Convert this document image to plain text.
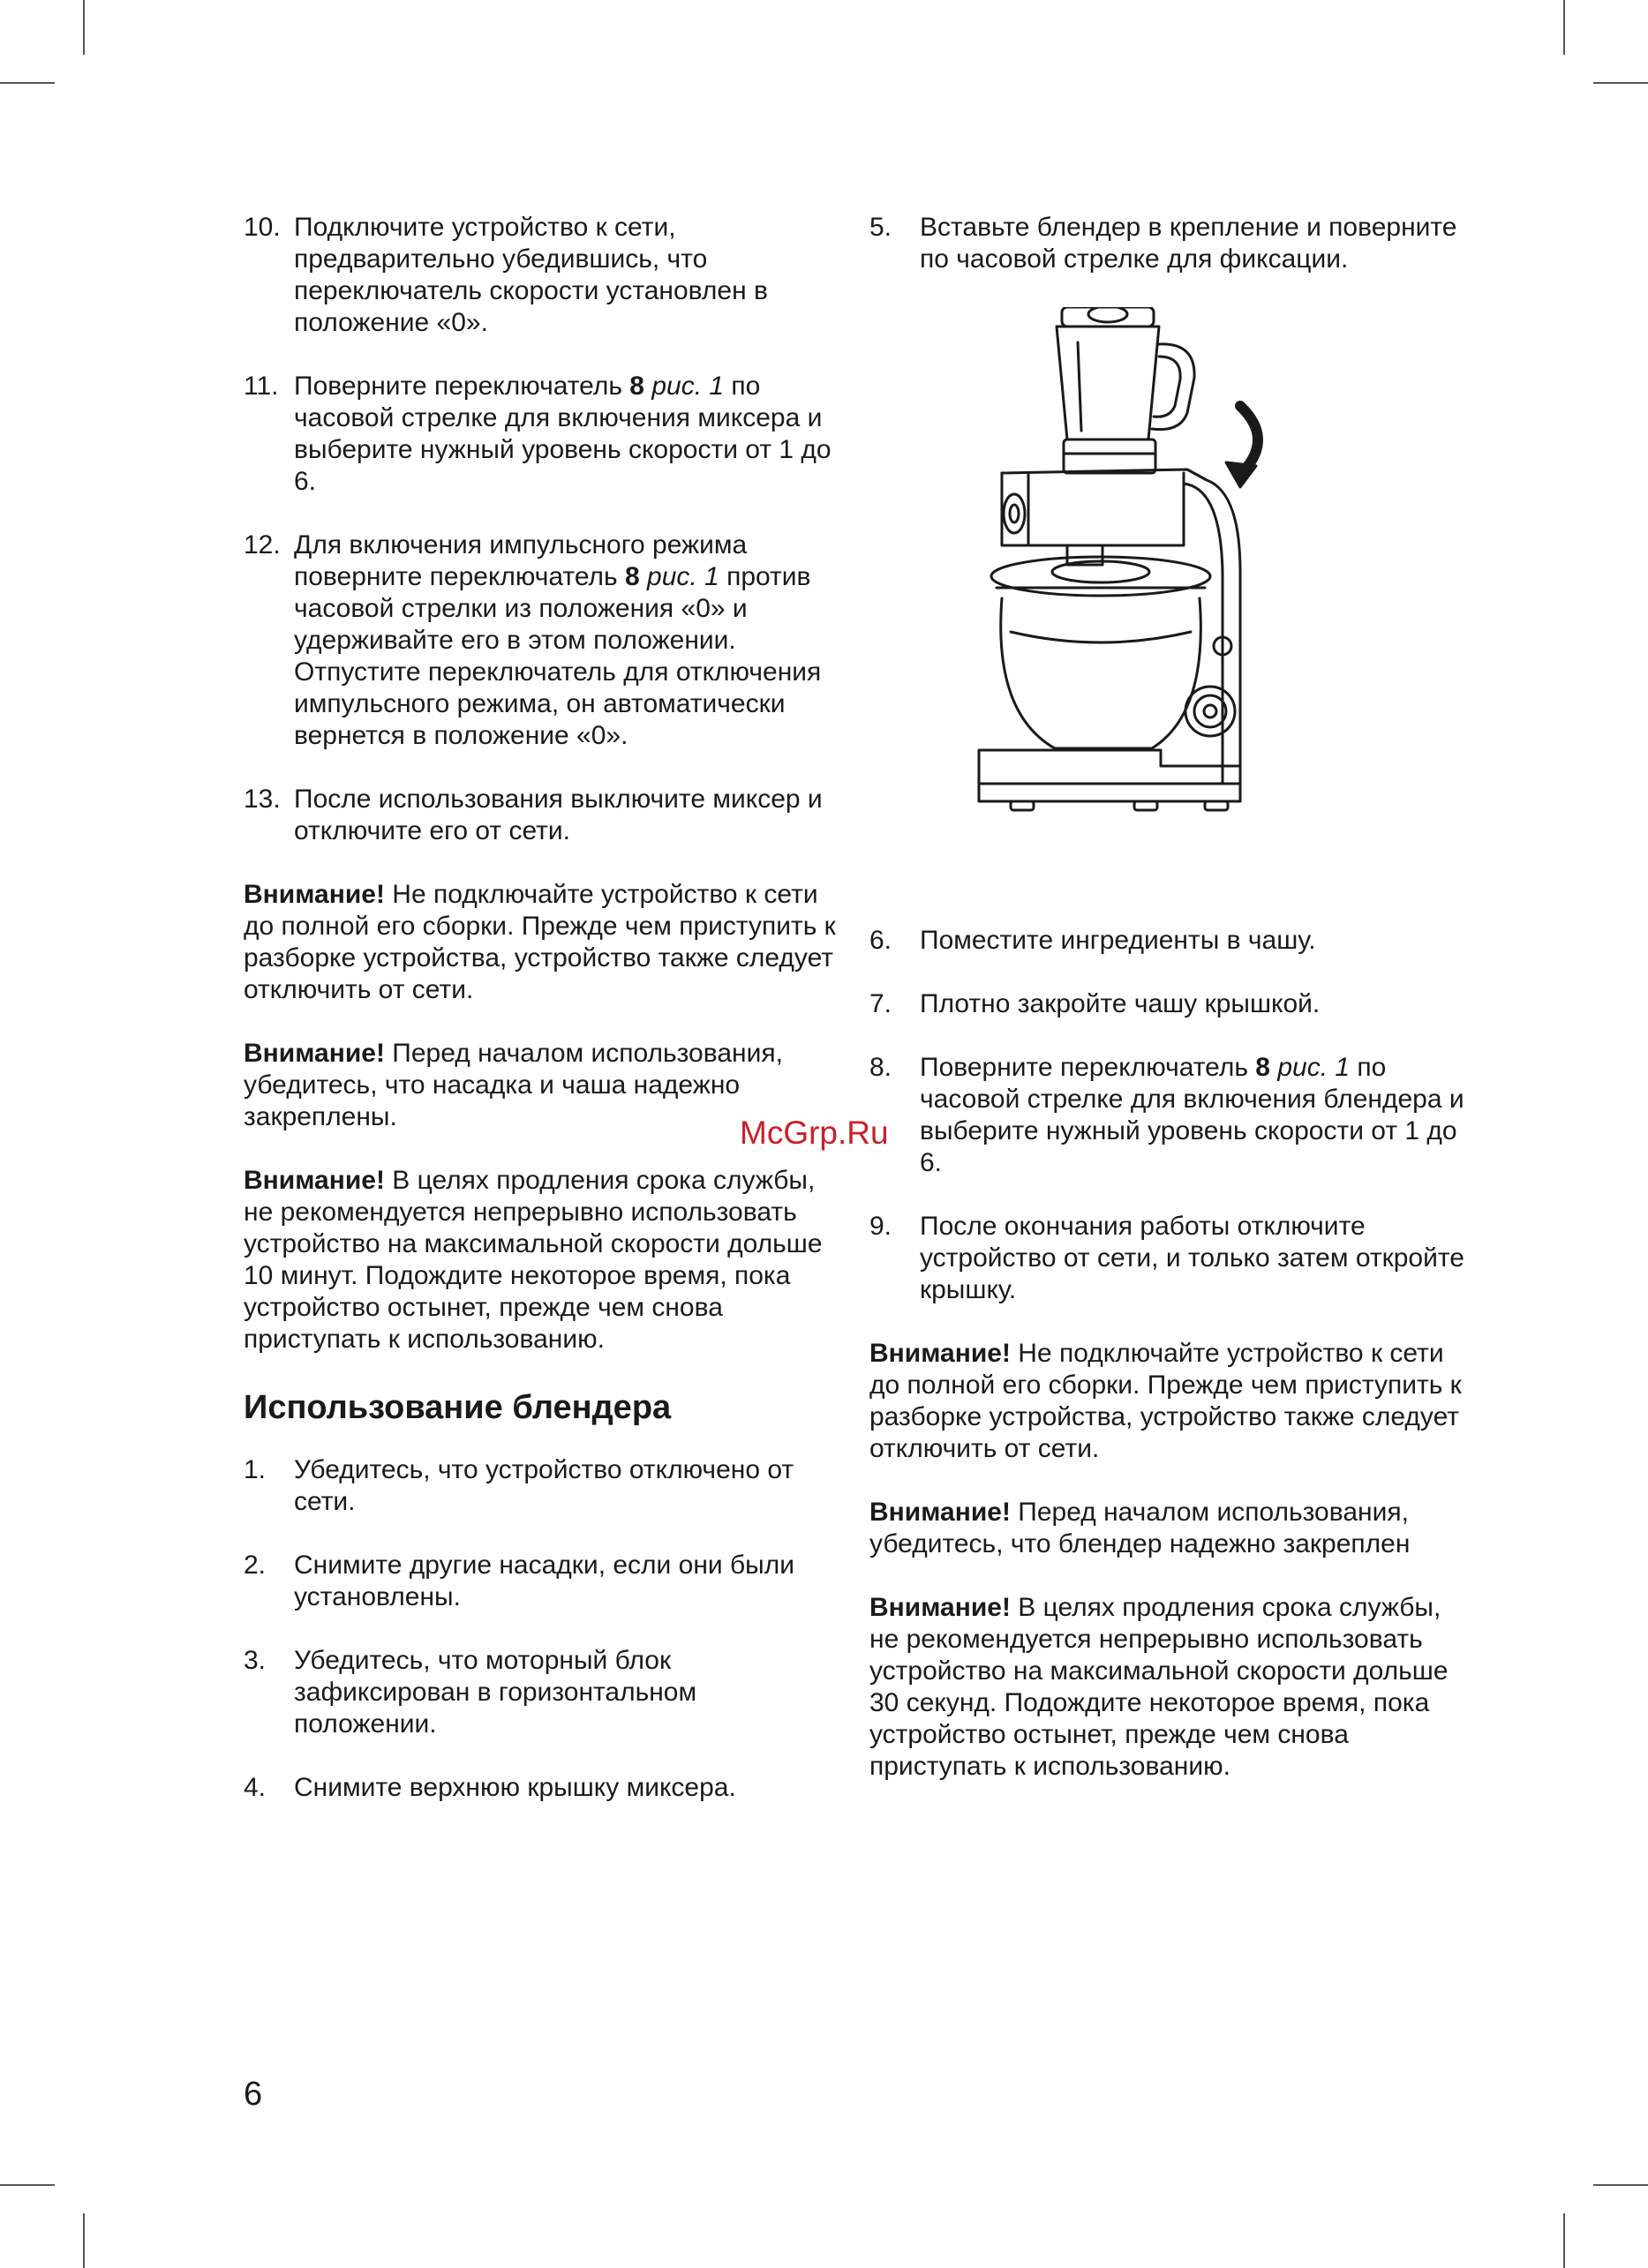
10. Подключите устройство к сети, предварительно убедившись, что переключатель скорости установлен в положение «0».
11. Поверните переключатель 8 рис. 1 по часовой стрелке для включения миксера и выберите нужный уровень скорости от 1 до 6.
12. Для включения импульсного режима поверните переключатель 8 рис. 1 против часовой стрелки из положения «0» и удерживайте его в этом положении. Отпустите переключатель для отключения импульсного режима, он автоматически вернется в положение «0».
13. После использования выключите миксер и отключите его от сети.
Внимание! Не подключайте устройство к сети до полной его сборки. Прежде чем приступить к разборке устройства, устройство также следует отключить от сети.
Внимание! Перед началом использования, убедитесь, что насадка и чаша надежно закреплены.
Внимание! В целях продления срока службы, не рекомендуется непрерывно использовать устройство на максимальной скорости дольше 10 минут. Подождите некоторое время, пока устройство остынет, прежде чем снова приступать к использованию.
Использование блендера
1. Убедитесь, что устройство отключено от сети.
2. Снимите другие насадки, если они были установлены.
3. Убедитесь, что моторный блок зафиксирован в горизонтальном положении.
4. Снимите верхнюю крышку миксера.
5. Вставьте блендер в крепление и поверните по часовой стрелке для фиксации.
6. Поместите ингредиенты в чашу.
7. Плотно закройте чашу крышкой.
8. Поверните переключатель 8 рис. 1 по часовой стрелке для включения блендера и выберите нужный уровень скорости от 1 до 6.
9. После окончания работы отключите устройство от сети, и только затем откройте крышку.
Внимание! Не подключайте устройство к сети до полной его сборки. Прежде чем приступить к разборке устройства, устройство также следует отключить от сети.
Внимание! Перед началом использования, убедитесь, что блендер надежно закреплен
Внимание! В целях продления срока службы, не рекомендуется непрерывно использовать устройство на максимальной скорости дольше 30 секунд. Подождите некоторое время, пока устройство остынет, прежде чем снова приступать к использованию.
McGrp.Ru
6
